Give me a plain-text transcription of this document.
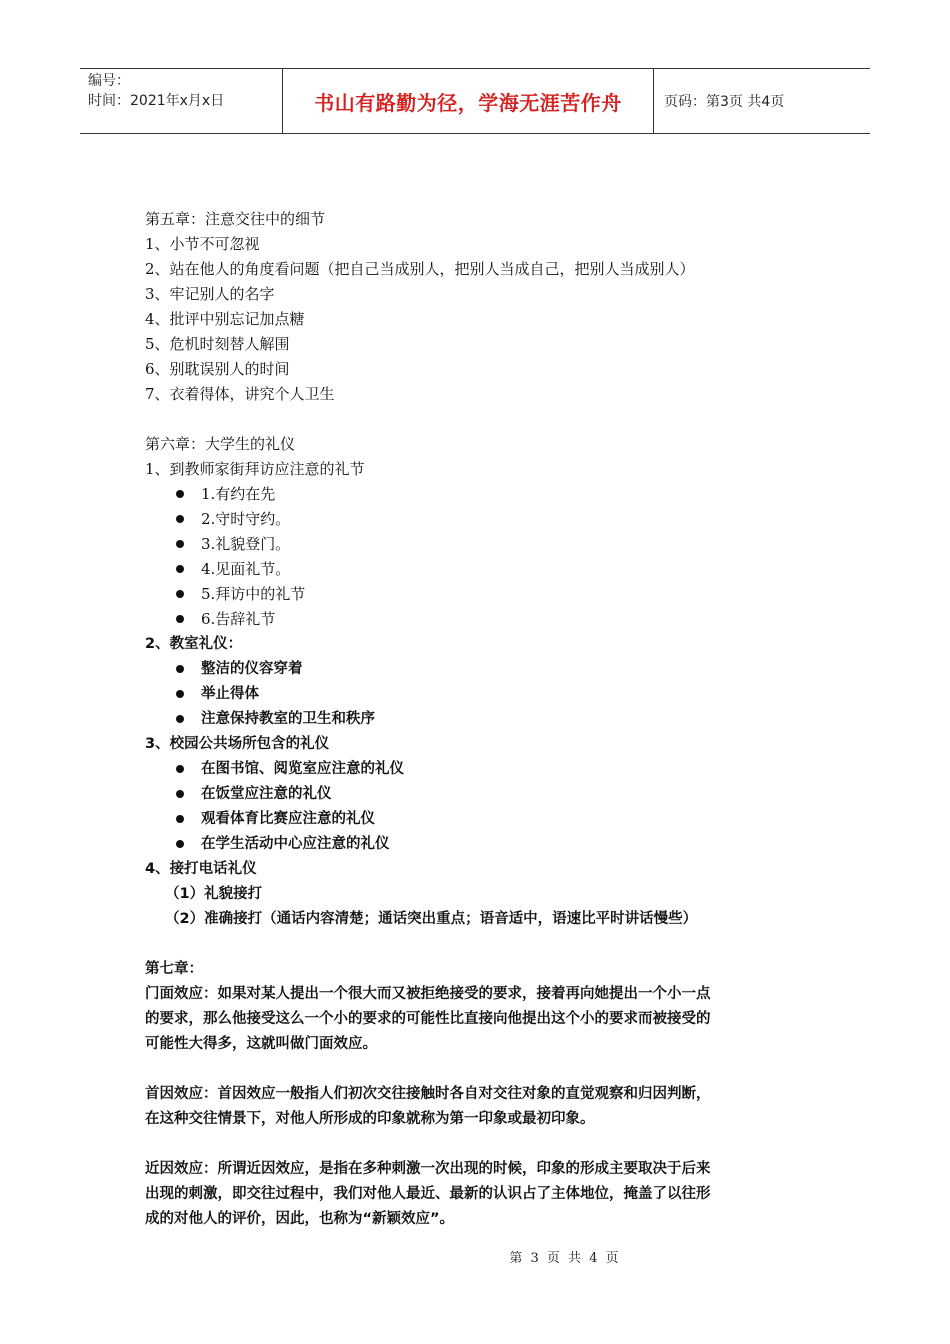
编号：
时间：2021年x月x日	书山有路勤为径，学海无涯苦作舟	页码：第3页 共4页
第五章：注意交往中的细节
1、小节不可忽视
2、站在他人的角度看问题（把自己当成别人，把别人当成自己，把别人当成别人）
3、牢记别人的名字
4、批评中别忘记加点糖
5、危机时刻替人解围
6、别耽误别人的时间
7、衣着得体，讲究个人卫生
第六章：大学生的礼仪
1、到教师家街拜访应注意的礼节
1.有约在先
2.守时守约。
3.礼貌登门。
4.见面礼节。
5.拜访中的礼节
6.告辞礼节
2、教室礼仪：
整洁的仪容穿着
举止得体
注意保持教室的卫生和秩序
3、校园公共场所包含的礼仪
在图书馆、阅览室应注意的礼仪
在饭堂应注意的礼仪
观看体育比赛应注意的礼仪
在学生活动中心应注意的礼仪
4、接打电话礼仪
（1）礼貌接打
（2）准确接打（通话内容清楚；通话突出重点；语音适中，语速比平时讲话慢些）
第七章：
门面效应：如果对某人提出一个很大而又被拒绝接受的要求，接着再向她提出一个小一点
的要求，那么他接受这么一个小的要求的可能性比直接向他提出这个小的要求而被接受的
可能性大得多，这就叫做门面效应。
首因效应：首因效应一般指人们初次交往接触时各自对交往对象的直觉观察和归因判断，
在这种交往情景下，对他人所形成的印象就称为第一印象或最初印象。
近因效应：所谓近因效应，是指在多种刺激一次出现的时候，印象的形成主要取决于后来
出现的刺激，即交往过程中，我们对他人最近、最新的认识占了主体地位，掩盖了以往形
成的对他人的评价，因此，也称为“新颖效应”。
第 3 页 共 4 页
